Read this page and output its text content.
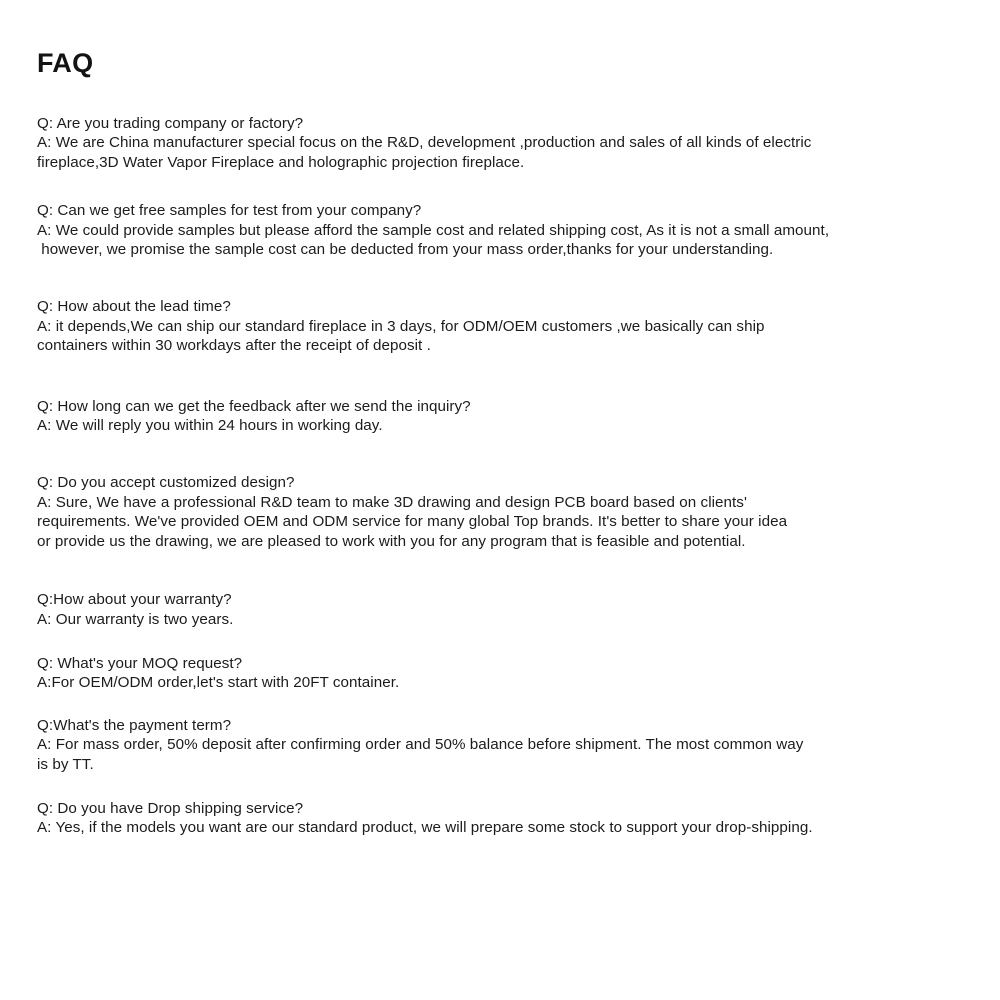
FAQ
Q: Are you trading company or factory?
A: We are China manufacturer special focus on the R&D, development ,production and sales of all kinds of electric
fireplace,3D Water Vapor Fireplace and holographic projection fireplace.
Q: Can we get free samples for test from your company?
A: We could provide samples but please afford the sample cost and related shipping cost, As it is not a small amount,
however, we promise the sample cost can be deducted from your mass order,thanks for your understanding.
Q: How about the lead time?
A: it depends,We can ship our standard fireplace in 3 days, for ODM/OEM customers ,we basically can ship
containers within 30 workdays after the receipt of deposit .
Q: How long can we get the feedback after we send the inquiry?
A: We will reply you within 24 hours in working day.
Q: Do you accept customized design?
A: Sure, We have a professional R&D team to make 3D drawing and design PCB board based on clients'
requirements. We've provided OEM and ODM service for many global Top brands. It's better to share your idea
or provide us the drawing, we are pleased to work with you for any program that is feasible and potential.
Q:How about your warranty?
A: Our warranty is two years.
Q: What's your MOQ request?
A:For OEM/ODM order,let's start with 20FT container.
Q:What's the payment term?
A: For mass order, 50% deposit after confirming order and 50% balance before shipment. The most common way
is by TT.
Q: Do you have Drop shipping service?
A: Yes, if the models you want are our standard product, we will prepare some stock to support your drop-shipping.
